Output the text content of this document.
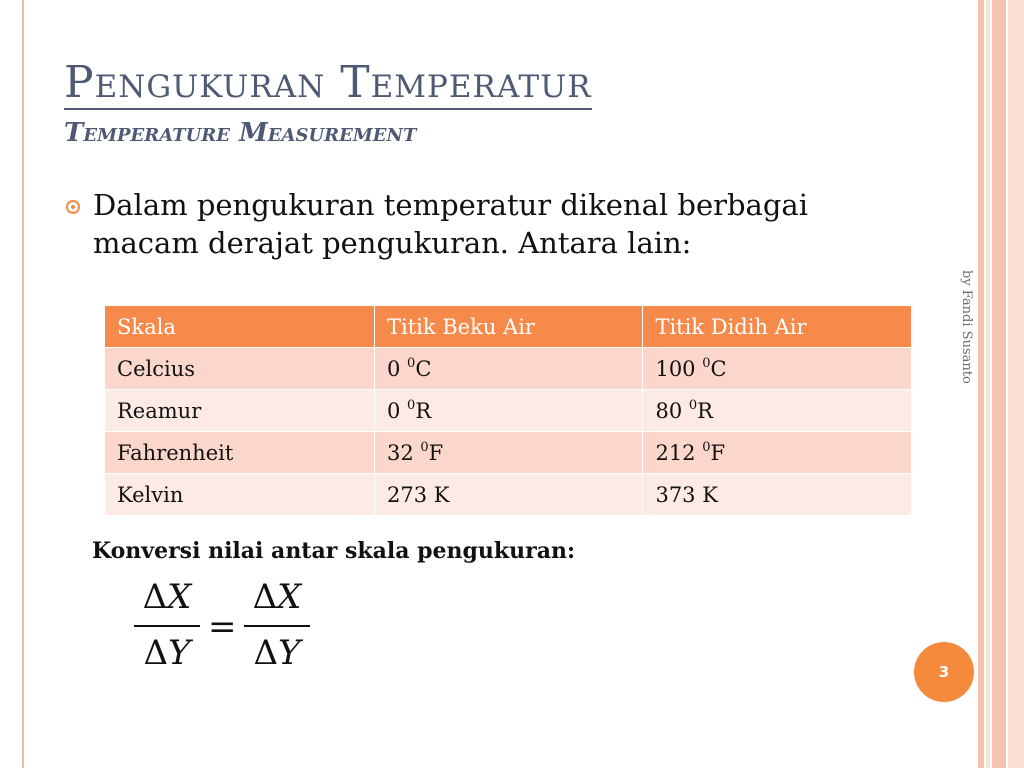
Pengukuran Temperatur
Temperature Measurement

Dalam pengukuran temperatur dikenal berbagai macam derajat pengukuran. Antara lain:

Skala	Titik Beku Air	Titik Didih Air
Celcius	0 $^0$C	100 $^0$C
Reamur	0 $^0$R	80 $^0$R
Fahrenheit	32 $^0$F	212 $^0$F
Kelvin	273 K	373 K

Konversi nilai antar skala pengukuran:

ΔX
ΔY
=
ΔX
ΔY
by Fandi Susanto
3
